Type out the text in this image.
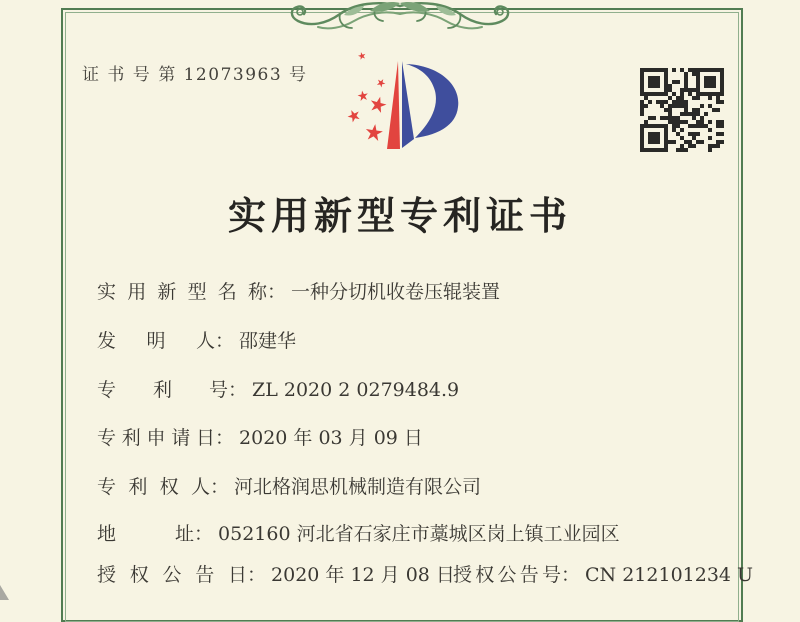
证 书 号 第 12073963 号
实用新型专利证书
实用新型名称： 一种分切机收卷压辊装置
发明人： 邵建华
专利号： ZL 2020 2 0279484.9
专利申请日： 2020 年 03 月 09 日
专利权人： 河北格润思机械制造有限公司
地址： 052160 河北省石家庄市藁城区岗上镇工业园区
授权公告日： 2020 年 12 月 08 日
授权公告号： CN 212101234 U
